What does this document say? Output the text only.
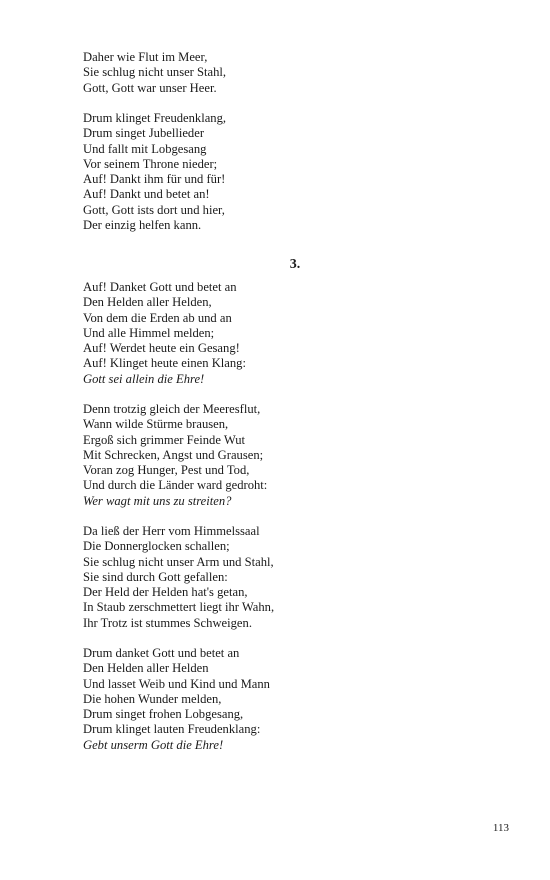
Daher wie Flut im Meer,
Sie schlug nicht unser Stahl,
Gott, Gott war unser Heer.
Drum klinget Freudenklang,
Drum singet Jubellieder
Und fallt mit Lobgesang
Vor seinem Throne nieder;
Auf! Dankt ihm für und für!
Auf! Dankt und betet an!
Gott, Gott ists dort und hier,
Der einzig helfen kann.
3.
Auf! Danket Gott und betet an
Den Helden aller Helden,
Von dem die Erden ab und an
Und alle Himmel melden;
Auf! Werdet heute ein Gesang!
Auf! Klinget heute einen Klang:
Gott sei allein die Ehre!
Denn trotzig gleich der Meeresflut,
Wann wilde Stürme brausen,
Ergoß sich grimmer Feinde Wut
Mit Schrecken, Angst und Grausen;
Voran zog Hunger, Pest und Tod,
Und durch die Länder ward gedroht:
Wer wagt mit uns zu streiten?
Da ließ der Herr vom Himmelssaal
Die Donnerglocken schallen;
Sie schlug nicht unser Arm und Stahl,
Sie sind durch Gott gefallen:
Der Held der Helden hat's getan,
In Staub zerschmettert liegt ihr Wahn,
Ihr Trotz ist stummes Schweigen.
Drum danket Gott und betet an
Den Helden aller Helden
Und lasset Weib und Kind und Mann
Die hohen Wunder melden,
Drum singet frohen Lobgesang,
Drum klinget lauten Freudenklang:
Gebt unserm Gott die Ehre!
113
